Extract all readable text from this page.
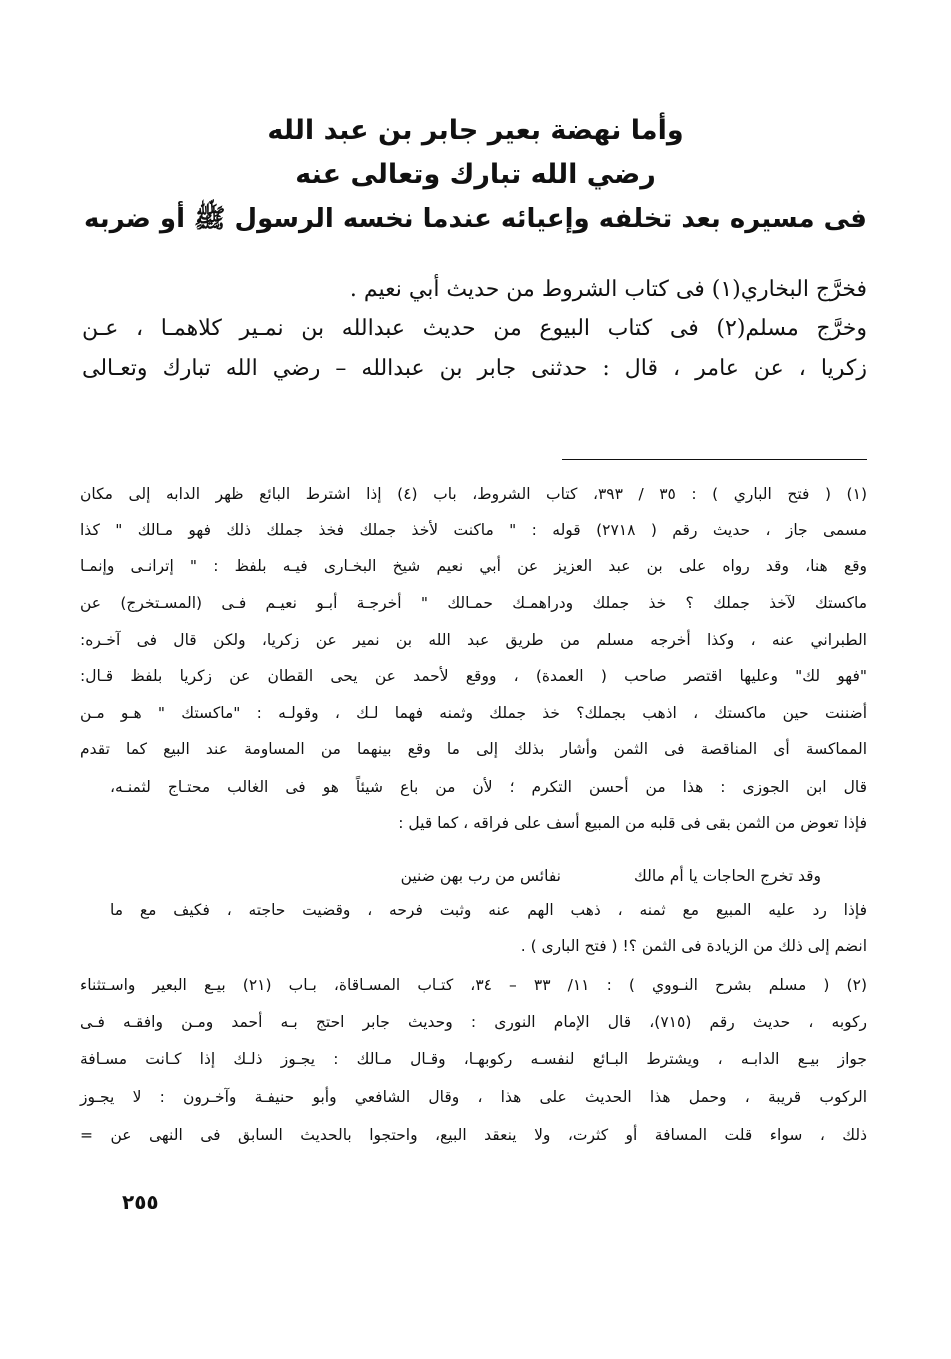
وأما نهضة بعير جابر بن عبد الله
رضي الله تبارك وتعالى عنه
فى مسيره بعد تخلفه وإعيائه عندما نخسه الرسول ﷺ أو ضربه
فخرَّج البخاري(١) فى كتاب الشروط من حديث أبي نعيم .
وخرَّج مسلم(٢) فى كتاب البيوع من حديث عبدالله بن نمـير كلاهمـا ، عـن
زكريا ، عن عامر ، قال : حدثنى جابر بن عبدالله – رضي الله تبارك وتعـالى
(١) ( فتح الباري ) : ٣٥ / ٣٩٣، كتاب الشروط، باب (٤) إذا اشترط البائع ظهر الدابه إلى مكان
مسمى جاز ، حديث رقم ( ٢٧١٨) قوله : " ماكنت لأخذ جملك فخذ جملك ذلك فهو مـالك " كذا
وقع هنا، وقد رواه على بن عبد العزيز عن أبي نعيم شيخ البخـارى فيـه بلفظ : " إترانـى وإنمـا
ماكستك لآخذ جملك ؟ خذ جملك ودراهمـك حمـالك " أخرجـة أبـو نعيـم فـى (المسـتخرج) عن
الطبراني عنه ، وكذا أخرجه مسلم من طريق عبد الله بن نمير عن زكريا، ولكن قال فى آخـره:
"فهو لك" وعليها اقتصر صاحب ( العمدة) ، ووقع لأحمد عن يحى القطان عن زكريا بلفظ قـال:
أضننت حين ماكستك ، اذهب بجملك؟ خذ جملك وثمنه فهما لـك ، وقولـه : "ماكستك " هـو مـن
المماكسة أى المناقصة فى الثمن وأشار بذلك إلى ما وقع بينهما من المساومة عند البيع كما تقدم
قال ابن الجوزى : هذا من أحسن التكرم ؛ لأن من باع شيئاً هو فى الغالب محتـاج لثمنـه،
فإذا تعوض من الثمن بقى فى قلبه من المبيع أسف على فراقه ، كما قيل :
وقد تخرج الحاجات يا أم مالك
نفائس من رب بهن ضنين
فإذا رد عليه المبيع مع ثمنه ، ذهب الهم عنه وثبت فرحه ، وقضيت حاجته ، فكيف مع ما
انضم إلى ذلك من الزيادة فى الثمن ؟! ( فتح البارى ) .
(٢) ( مسلم بشرح النـووي ) : ١١/ ٣٣ – ٣٤، كتـاب المسـاقاة، بـاب (٢١) بيـع البعير واسـتثناء
ركوبه ، حديث رقم (٧١٥)، قال الإمام النورى : وحديث جابر احتج بـه أحمد ومـن وافقـه فـى
جواز بيـع الدابـه ، ويشترط البـائع لنفسـه ركوبهـا، وقـال مـالك : يجـوز ذلـك إذا كـانت مسـافة
الركوب قريبة ، وحمل هذا الحديث على هذا ، وقال الشافعي وأبو حنيفـة وآخـرون : لا يجـوز
ذلك ، سواء قلت المسافة أو كثرت، ولا ينعقد البيع، واحتجوا بالحديث السابق فى النهى عن =
٢٥٥
